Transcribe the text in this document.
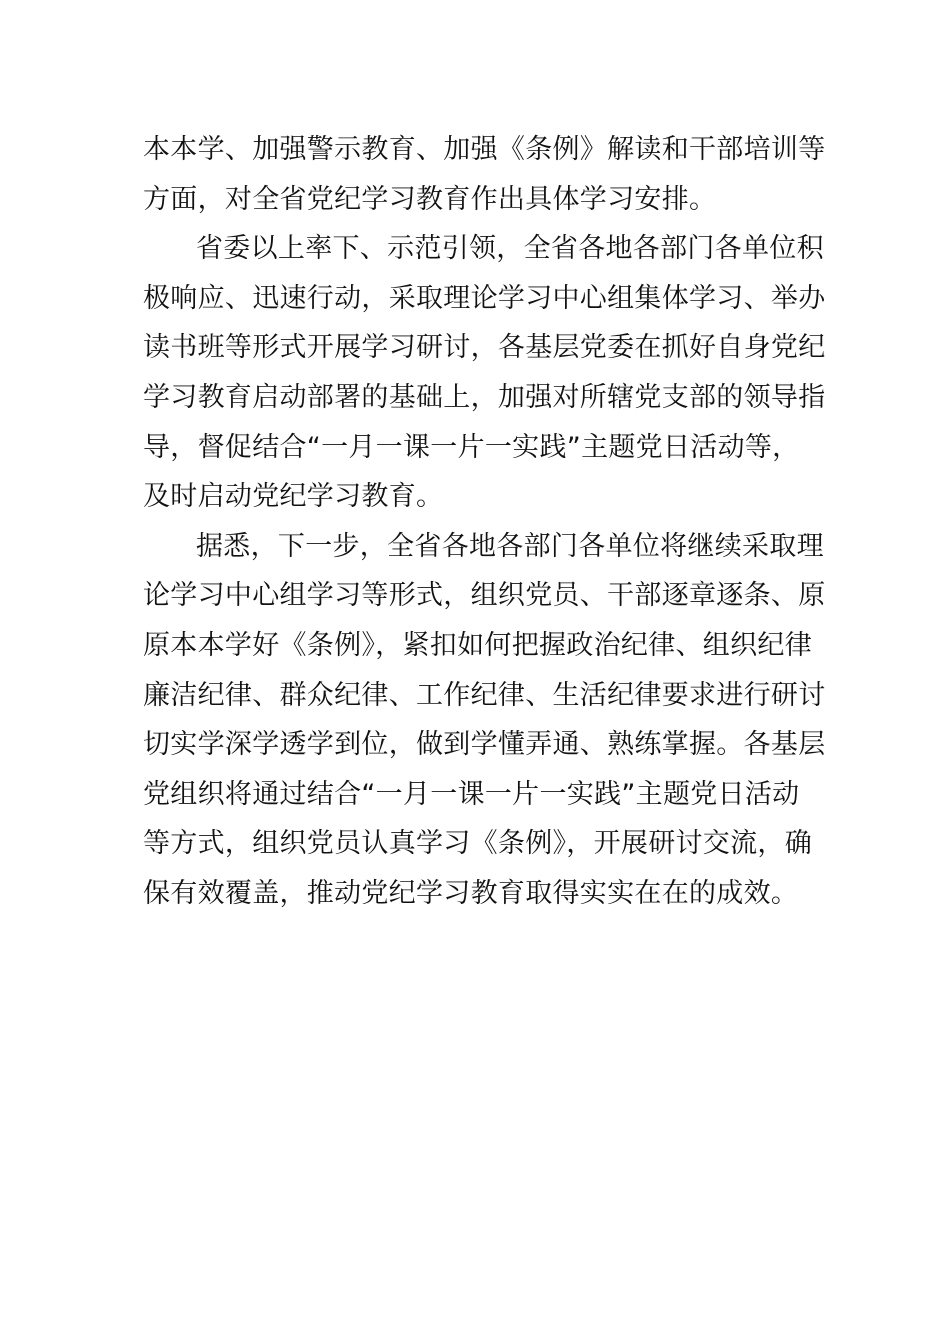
本本学、加强警示教育、加强《条例》解读和干部培训等
方面，对全省党纪学习教育作出具体学习安排。
省委以上率下、示范引领，全省各地各部门各单位积
极响应、迅速行动，采取理论学习中心组集体学习、举办
读书班等形式开展学习研讨，各基层党委在抓好自身党纪
学习教育启动部署的基础上，加强对所辖党支部的领导指
导，督促结合“一月一课一片一实践”主题党日活动等，
及时启动党纪学习教育。
据悉，下一步，全省各地各部门各单位将继续采取理
论学习中心组学习等形式，组织党员、干部逐章逐条、原
原本本学好《条例》，紧扣如何把握政治纪律、组织纪律
廉洁纪律、群众纪律、工作纪律、生活纪律要求进行研讨
切实学深学透学到位，做到学懂弄通、熟练掌握。各基层
党组织将通过结合“一月一课一片一实践”主题党日活动
等方式，组织党员认真学习《条例》，开展研讨交流，确
保有效覆盖，推动党纪学习教育取得实实在在的成效。
